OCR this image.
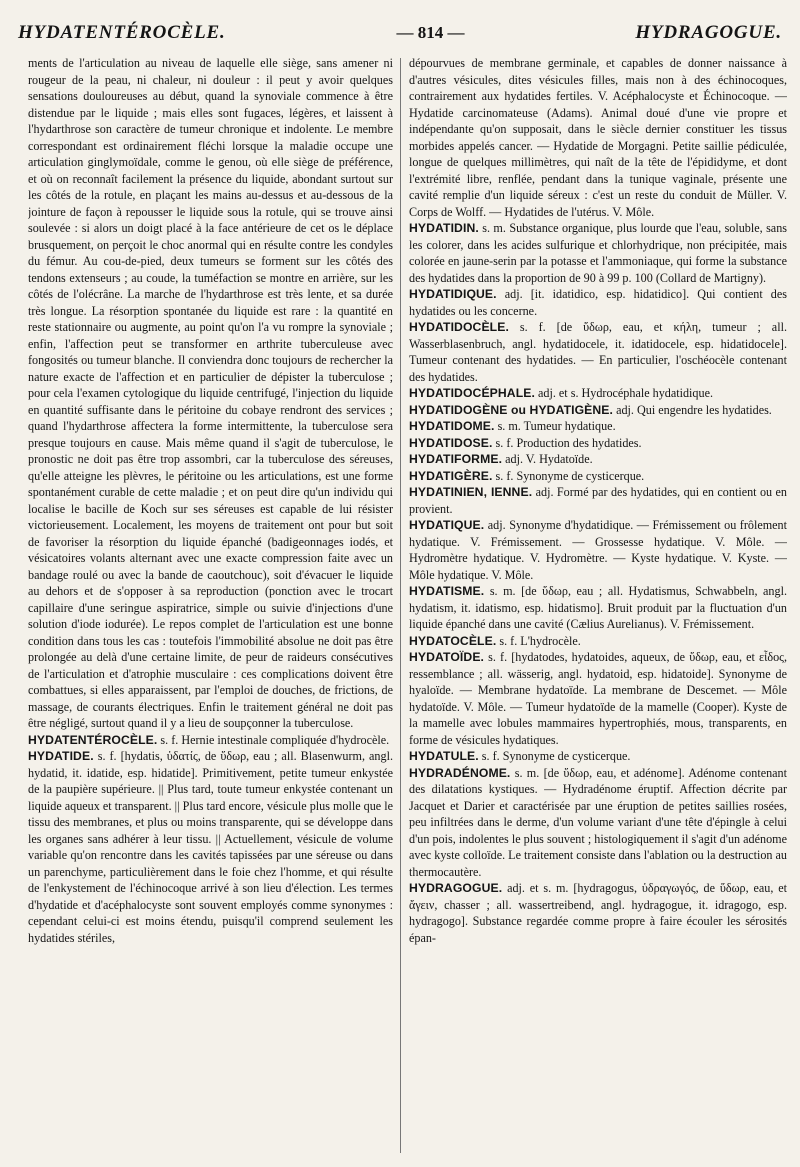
HYDATENTÉROCÈLE.	— 814 —	HYDRAGOGUE.

ments de l'articulation au niveau de laquelle elle siège, sans amener ni rougeur de la peau, ni chaleur, ni douleur : il peut y avoir quelques sensations douloureuses au début, quand la synoviale commence à être distendue par le liquide ; mais elles sont fugaces, légères, et laissent à l'hydarthrose son caractère de tumeur chronique et indolente. Le membre correspondant est ordinairement fléchi lorsque la maladie occupe une articulation ginglymoïdale, comme le genou, où elle siège de préférence, et où on reconnaît facilement la présence du liquide, abondant surtout sur les côtés de la rotule, en plaçant les mains au-dessus et au-dessous de la jointure de façon à repousser le liquide sous la rotule, qui se trouve ainsi soulevée : si alors un doigt placé à la face antérieure de cet os le déplace brusquement, on perçoit le choc anormal qui en résulte contre les condyles du fémur. Au cou-de-pied, deux tumeurs se forment sur les côtés des tendons extenseurs ; au coude, la tuméfaction se montre en arrière, sur les côtés de l'olécrâne. La marche de l'hydarthrose est très lente, et sa durée très longue. La résorption spontanée du liquide est rare : la quantité en reste stationnaire ou augmente, au point qu'on l'a vu rompre la synoviale ; enfin, l'affection peut se transformer en arthrite tuberculeuse avec fongosités ou tumeur blanche. Il conviendra donc toujours de rechercher la nature exacte de l'affection et en particulier de dépister la tuberculose ; pour cela l'examen cytologique du liquide centrifugé, l'injection du liquide en quantité suffisante dans le péritoine du cobaye rendront des services ; quand l'hydarthrose affectera la forme intermittente, la tuberculose sera presque toujours en cause. Mais même quand il s'agit de tuberculose, le pronostic ne doit pas être trop assombri, car la tuberculose des séreuses, qu'elle atteigne les plèvres, le péritoine ou les articulations, est une forme spontanément curable de cette maladie ; et on peut dire qu'un individu qui localise le bacille de Koch sur ses séreuses est capable de lui résister victorieusement. Localement, les moyens de traitement ont pour but soit de favoriser la résorption du liquide épanché (badigeonnages iodés, et vésicatoires volants alternant avec une exacte compression faite avec un bandage roulé ou avec la bande de caoutchouc), soit d'évacuer le liquide au dehors et de s'opposer à sa reproduction (ponction avec le trocart capillaire d'une seringue aspiratrice, simple ou suivie d'injections d'une solution d'iode iodurée). Le repos complet de l'articulation est une bonne condition dans tous les cas : toutefois l'immobilité absolue ne doit pas être prolongée au delà d'une certaine limite, de peur de raideurs consécutives de l'articulation et d'atrophie musculaire : ces complications doivent être combattues, si elles apparaissent, par l'emploi de douches, de frictions, de massage, de courants électriques. Enfin le traitement général ne doit pas être négligé, surtout quand il y a lieu de soupçonner la tuberculose.

HYDATENTÉROCÈLE. s. f. Hernie intestinale compliquée d'hydrocèle.

HYDATIDE. s. f. [hydatis, ὑδατίς, de ὕδωρ, eau ; all. Blasenwurm, angl. hydatid, it. idatide, esp. hidatide]. Primitivement, petite tumeur enkystée de la paupière supérieure. || Plus tard, toute tumeur enkystée contenant un liquide aqueux et transparent. || Plus tard encore, vésicule plus molle que le tissu des membranes, et plus ou moins transparente, qui se développe dans les organes sans adhérer à leur tissu. || Actuellement, vésicule de volume variable qu'on rencontre dans les cavités tapissées par une séreuse ou dans un parenchyme, particulièrement dans le foie chez l'homme, et qui résulte de l'enkystement de l'échinocoque arrivé à son lieu d'élection. Les termes d'hydatide et d'acéphalocyste sont souvent employés comme synonymes : cependant celui-ci est moins étendu, puisqu'il comprend seulement les hydatides stériles,

dépourvues de membrane germinale, et capables de donner naissance à d'autres vésicules, dites vésicules filles, mais non à des échinocoques, contrairement aux hydatides fertiles. V. Acéphalocyste et Échinocoque. — Hydatide carcinomateuse (Adams). Animal doué d'une vie propre et indépendante qu'on supposait, dans le siècle dernier constituer les tissus morbides appelés cancer. — Hydatide de Morgagni. Petite saillie pédiculée, longue de quelques millimètres, qui naît de la tête de l'épididyme, et dont l'extrémité libre, renflée, pendant dans la tunique vaginale, présente une cavité remplie d'un liquide séreux : c'est un reste du conduit de Müller. V. Corps de Wolff. — Hydatides de l'utérus. V. Môle.

HYDATIDIN. s. m. Substance organique, plus lourde que l'eau, soluble, sans les colorer, dans les acides sulfurique et chlorhydrique, non précipitée, mais colorée en jaune-serin par la potasse et l'ammoniaque, qui forme la substance des hydatides dans la proportion de 90 à 99 p. 100 (Collard de Martigny).

HYDATIDIQUE. adj. [it. idatidico, esp. hidatidico]. Qui contient des hydatides ou les concerne.

HYDATIDOCÈLE. s. f. [de ὕδωρ, eau, et κήλη, tumeur ; all. Wasserblasenbruch, angl. hydatidocele, it. idatidocele, esp. hidatidocele]. Tumeur contenant des hydatides. — En particulier, l'oschéocèle contenant des hydatides.

HYDATIDOCÉPHALE. adj. et s. Hydrocéphale hydatidique.

HYDATIDOGÈNE ou HYDATIGÈNE. adj. Qui engendre les hydatides.

HYDATIDOME. s. m. Tumeur hydatique.

HYDATIDOSE. s. f. Production des hydatides.

HYDATIFORME. adj. V. Hydatoïde.

HYDATIGÈRE. s. f. Synonyme de cysticerque.

HYDATINIEN, IENNE. adj. Formé par des hydatides, qui en contient ou en provient.

HYDATIQUE. adj. Synonyme d'hydatidique. — Frémissement ou frôlement hydatique. V. Frémissement. — Grossesse hydatique. V. Môle. — Hydromètre hydatique. V. Hydromètre. — Kyste hydatique. V. Kyste. — Môle hydatique. V. Môle.

HYDATISME. s. m. [de ὕδωρ, eau ; all. Hydatismus, Schwabbeln, angl. hydatism, it. idatismo, esp. hidatismo]. Bruit produit par la fluctuation d'un liquide épanché dans une cavité (Cælius Aurelianus). V. Frémissement.

HYDATOCÈLE. s. f. L'hydrocèle.

HYDATOÏDE. s. f. [hydatodes, hydatoides, aqueux, de ὕδωρ, eau, et εἶδος, ressemblance ; all. wässerig, angl. hydatoid, esp. hidatoide]. Synonyme de hyaloïde. — Membrane hydatoïde. La membrane de Descemet. — Môle hydatoïde. V. Môle. — Tumeur hydatoïde de la mamelle (Cooper). Kyste de la mamelle avec lobules mammaires hypertrophiés, mous, transparents, en forme de vésicules hydatiques.

HYDATULE. s. f. Synonyme de cysticerque.

HYDRADÉNOME. s. m. [de ὕδωρ, eau, et adénome]. Adénome contenant des dilatations kystiques. — Hydradénome éruptif. Affection décrite par Jacquet et Darier et caractérisée par une éruption de petites saillies rosées, peu infiltrées dans le derme, d'un volume variant d'une tête d'épingle à celui d'un pois, indolentes le plus souvent ; histologiquement il s'agit d'un adénome avec kyste colloïde. Le traitement consiste dans l'ablation ou la destruction au thermocautère.

HYDRAGOGUE. adj. et s. m. [hydragogus, ὑδραγωγός, de ὕδωρ, eau, et ἄγειν, chasser ; all. wassertreibend, angl. hydragogue, it. idragogo, esp. hydragogo]. Substance regardée comme propre à faire écouler les sérosités épan-
